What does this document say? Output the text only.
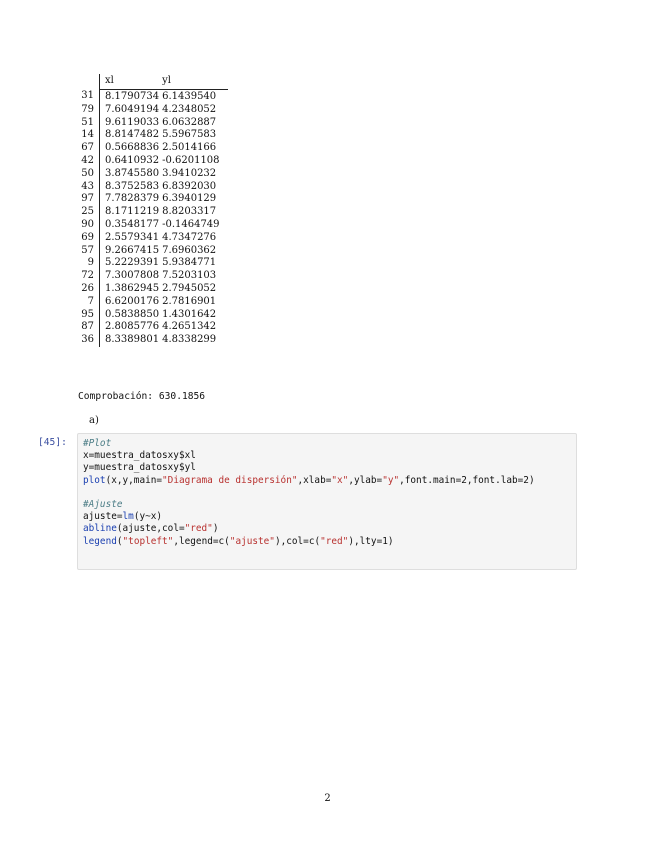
	xl	yl
31	8.1790734	6.1439540
79	7.6049194	4.2348052
51	9.6119033	6.0632887
14	8.8147482	5.5967583
67	0.5668836	2.5014166
42	0.6410932	-0.6201108
50	3.8745580	3.9410232
43	8.3752583	6.8392030
97	7.7828379	6.3940129
25	8.1711219	8.8203317
90	0.3548177	-0.1464749
69	2.5579341	4.7347276
57	9.2667415	7.6960362
9	5.2229391	5.9384771
72	7.3007808	7.5203103
26	1.3862945	2.7945052
7	6.6200176	2.7816901
95	0.5838850	1.4301642
87	2.8085776	4.2651342
36	8.3389801	4.8338299
Comprobación: 630.1856
a)
[45]:	#Plot
x=muestra_datosxy$xl
y=muestra_datosxy$yl
plot(x,y,main="Diagrama de dispersión",xlab="x",ylab="y",font.main=2,font.lab=2)

#Ajuste
ajuste=lm(y~x)
abline(ajuste,col="red")
legend("topleft",legend=c("ajuste"),col=c("red"),lty=1)
2
